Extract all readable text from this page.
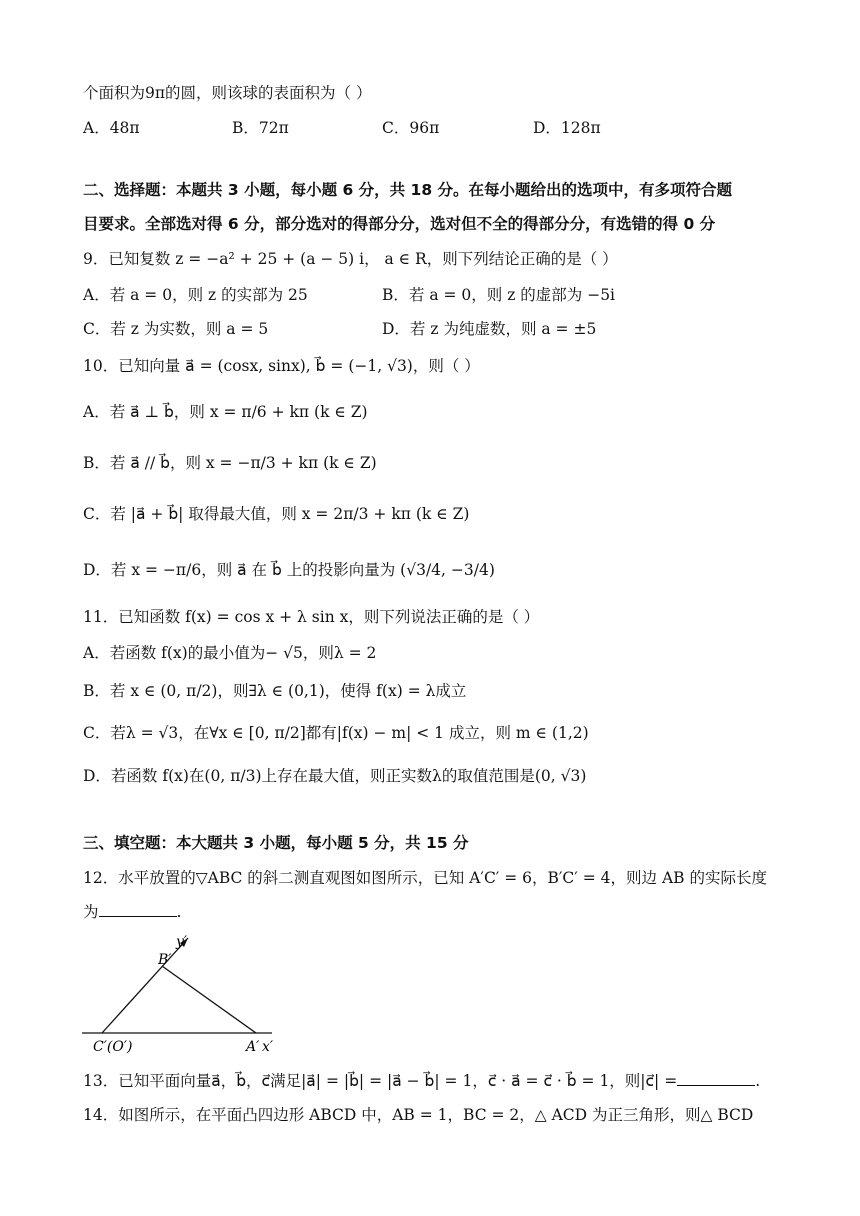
个面积为9π的圆，则该球的表面积为（ ）
A．48π	B．72π	C．96π	D．128π
二、选择题：本题共 3 小题，每小题 6 分，共 18 分。在每小题给出的选项中，有多项符合题
目要求。全部选对得 6 分，部分选对的得部分分，选对但不全的得部分分，有选错的得 0 分
9．已知复数 z = −a² + 25 + (a − 5) i， a ∈ R，则下列结论正确的是（ ）
A．若 a = 0，则 z 的实部为 25	B．若 a = 0，则 z 的虚部为 −5i
C．若 z 为实数，则 a = 5	D．若 z 为纯虚数，则 a = ±5
10．已知向量 a⃗ = (cosx, sinx), b⃗ = (−1, √3)，则（ ）
A．若 a⃗ ⊥ b⃗，则 x = π/6 + kπ (k ∈ Z)
B．若 a⃗ // b⃗，则 x = −π/3 + kπ (k ∈ Z)
C．若 |a⃗ + b⃗| 取得最大值，则 x = 2π/3 + kπ (k ∈ Z)
D．若 x = −π/6，则 a⃗ 在 b⃗ 上的投影向量为 (√3/4, −3/4)
11．已知函数 f(x) = cos x + λ sin x，则下列说法正确的是（ ）
A．若函数 f(x)的最小值为− √5，则λ = 2
B．若 x ∈ (0, π/2)，则∃λ ∈ (0,1)，使得 f(x) = λ成立
C．若λ = √3，在∀x ∈ [0, π/2]都有|f(x) − m| < 1 成立，则 m ∈ (1,2)
D．若函数 f(x)在(0, π/3)上存在最大值，则正实数λ的取值范围是(0, √3)
三、填空题：本大题共 3 小题，每小题 5 分，共 15 分
12．水平放置的▽ABC 的斜二测直观图如图所示，已知 A′C′ = 6，B′C′ = 4，则边 AB 的实际长度
为	.
y′
B′
C′(O′)	A′ x′
13．已知平面向量a⃗，b⃗，c⃗满足|a⃗| = |b⃗| = |a⃗ − b⃗| = 1，c⃗ · a⃗ = c⃗ · b⃗ = 1，则|c⃗| =	.
14．如图所示，在平面凸四边形 ABCD 中，AB = 1，BC = 2，△ ACD 为正三角形，则△ BCD
